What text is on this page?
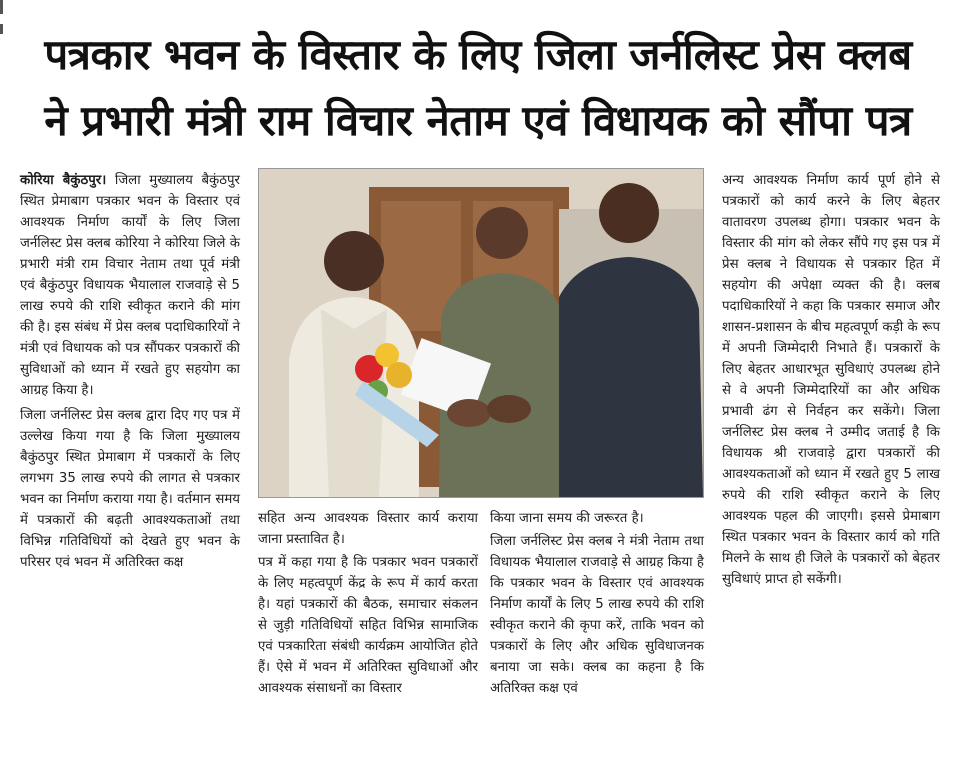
पत्रकार भवन के विस्तार के लिए जिला जर्नलिस्ट प्रेस क्लब
ने प्रभारी मंत्री राम विचार नेताम एवं विधायक को सौंपा पत्र

कोरिया बैकुंठपुर। जिला मुख्यालय बैकुंठपुर स्थित प्रेमाबाग पत्रकार भवन के विस्तार एवं आवश्यक निर्माण कार्यों के लिए जिला जर्नलिस्ट प्रेस क्लब कोरिया ने कोरिया जिले के प्रभारी मंत्री राम विचार नेताम तथा पूर्व मंत्री एवं बैकुंठपुर विधायक भैयालाल राजवाड़े से 5 लाख रुपये की राशि स्वीकृत कराने की मांग की है। इस संबंध में प्रेस क्लब पदाधिकारियों ने मंत्री एवं विधायक को पत्र सौंपकर पत्रकारों की सुविधाओं को ध्यान में रखते हुए सहयोग का आग्रह किया है।

जिला जर्नलिस्ट प्रेस क्लब द्वारा दिए गए पत्र में उल्लेख किया गया है कि जिला मुख्यालय बैकुंठपुर स्थित प्रेमाबाग में पत्रकारों के लिए लगभग 35 लाख रुपये की लागत से पत्रकार भवन का निर्माण कराया गया है। वर्तमान समय में पत्रकारों की बढ़ती आवश्यकताओं तथा विभिन्न गतिविधियों को देखते हुए भवन के परिसर एवं भवन में अतिरिक्त कक्ष

सहित अन्य आवश्यक विस्तार कार्य कराया जाना प्रस्तावित है।

पत्र में कहा गया है कि पत्रकार भवन पत्रकारों के लिए महत्वपूर्ण केंद्र के रूप में कार्य करता है। यहां पत्रकारों की बैठक, समाचार संकलन से जुड़ी गतिविधियों सहित विभिन्न सामाजिक एवं पत्रकारिता संबंधी कार्यक्रम आयोजित होते हैं। ऐसे में भवन में अतिरिक्त सुविधाओं और आवश्यक संसाधनों का विस्तार

किया जाना समय की जरूरत है।

जिला जर्नलिस्ट प्रेस क्लब ने मंत्री नेताम तथा विधायक भैयालाल राजवाड़े से आग्रह किया है कि पत्रकार भवन के विस्तार एवं आवश्यक निर्माण कार्यों के लिए 5 लाख रुपये की राशि स्वीकृत कराने की कृपा करें, ताकि भवन को पत्रकारों के लिए और अधिक सुविधाजनक बनाया जा सके। क्लब का कहना है कि अतिरिक्त कक्ष एवं

अन्य आवश्यक निर्माण कार्य पूर्ण होने से पत्रकारों को कार्य करने के लिए बेहतर वातावरण उपलब्ध होगा। पत्रकार भवन के विस्तार की मांग को लेकर सौंपे गए इस पत्र में प्रेस क्लब ने विधायक से पत्रकार हित में सहयोग की अपेक्षा व्यक्त की है। क्लब पदाधिकारियों ने कहा कि पत्रकार समाज और शासन-प्रशासन के बीच महत्वपूर्ण कड़ी के रूप में अपनी जिम्मेदारी निभाते हैं। पत्रकारों के लिए बेहतर आधारभूत सुविधाएं उपलब्ध होने से वे अपनी जिम्मेदारियों का और अधिक प्रभावी ढंग से निर्वहन कर सकेंगे। जिला जर्नलिस्ट प्रेस क्लब ने उम्मीद जताई है कि विधायक श्री राजवाड़े द्वारा पत्रकारों की आवश्यकताओं को ध्यान में रखते हुए 5 लाख रुपये की राशि स्वीकृत कराने के लिए आवश्यक पहल की जाएगी। इससे प्रेमाबाग स्थित पत्रकार भवन के विस्तार कार्य को गति मिलने के साथ ही जिले के पत्रकारों को बेहतर सुविधाएं प्राप्त हो सकेंगी।
